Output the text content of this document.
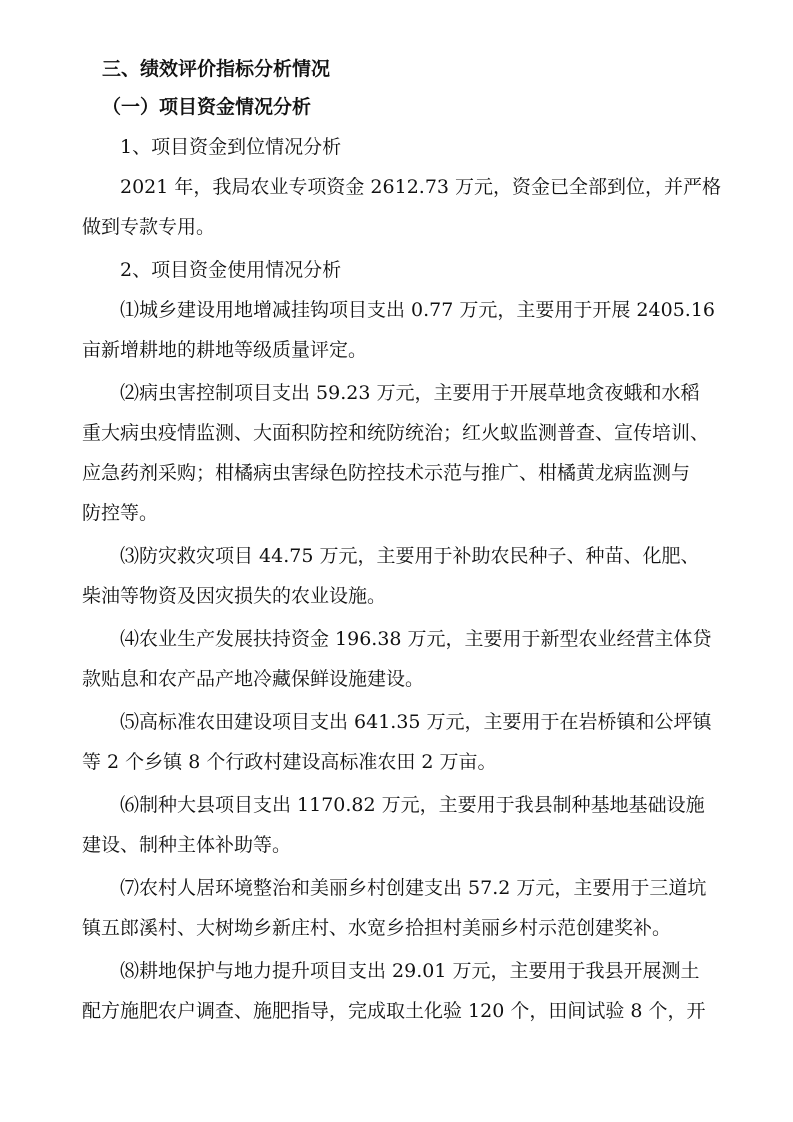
三、绩效评价指标分析情况
（一）项目资金情况分析
1、项目资金到位情况分析
2021 年，我局农业专项资金 2612.73 万元，资金已全部到位，并严格
做到专款专用。
2、项目资金使用情况分析
⑴城乡建设用地增减挂钩项目支出 0.77 万元，主要用于开展 2405.16
亩新增耕地的耕地等级质量评定。
⑵病虫害控制项目支出 59.23 万元，主要用于开展草地贪夜蛾和水稻
重大病虫疫情监测、大面积防控和统防统治；红火蚁监测普查、宣传培训、
应急药剂采购；柑橘病虫害绿色防控技术示范与推广、柑橘黄龙病监测与
防控等。
⑶防灾救灾项目 44.75 万元，主要用于补助农民种子、种苗、化肥、
柴油等物资及因灾损失的农业设施。
⑷农业生产发展扶持资金 196.38 万元，主要用于新型农业经营主体贷
款贴息和农产品产地冷藏保鲜设施建设。
⑸高标准农田建设项目支出 641.35 万元，主要用于在岩桥镇和公坪镇
等 2 个乡镇 8 个行政村建设高标准农田 2 万亩。
⑹制种大县项目支出 1170.82 万元，主要用于我县制种基地基础设施
建设、制种主体补助等。
⑺农村人居环境整治和美丽乡村创建支出 57.2 万元，主要用于三道坑
镇五郎溪村、大树坳乡新庄村、水宽乡拾担村美丽乡村示范创建奖补。
⑻耕地保护与地力提升项目支出 29.01 万元，主要用于我县开展测土
配方施肥农户调查、施肥指导，完成取土化验 120 个，田间试验 8 个，开
